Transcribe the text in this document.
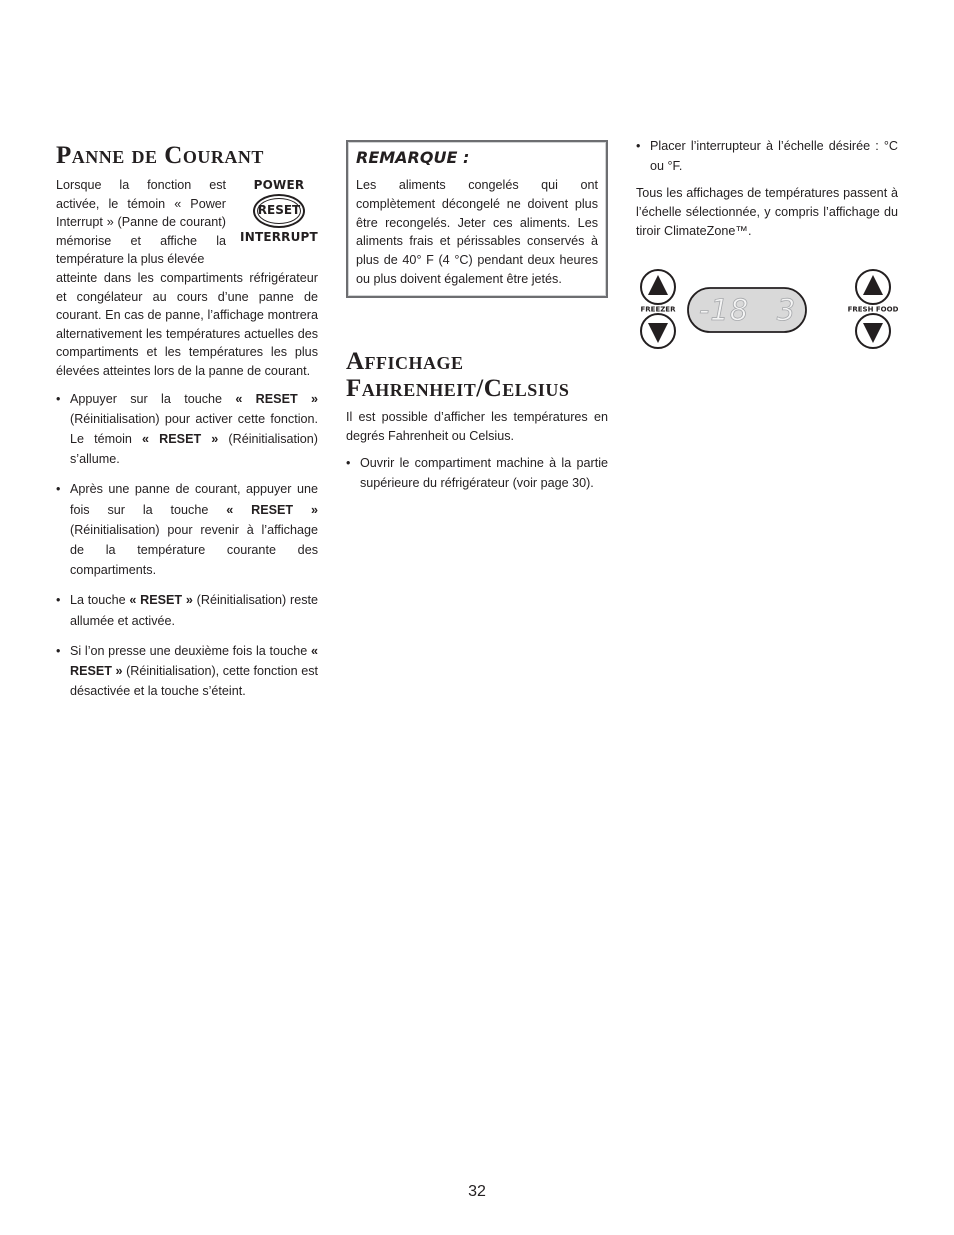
Panne de Courant
POWER
RESET
INTERRUPT

Lorsque la fonction est activée, le témoin « Power Interrupt » (Panne de courant) mémorise et affiche la température la plus élevée

atteinte dans les compartiments réfrigérateur et congélateur au cours d’une panne de courant. En cas de panne, l’affichage montrera alternativement les températures actuelles des compartiments et les températures les plus élevées atteintes lors de la panne de courant.

• Appuyer sur la touche « RESET » (Réinitialisation) pour activer cette fonction. Le témoin « RESET » (Réinitialisation) s’allume.
• Après une panne de courant, appuyer une fois sur la touche « RESET » (Réinitialisation) pour revenir à l’affichage de la température courante des compartiments.
• La touche « RESET » (Réinitialisation) reste allumée et activée.
• Si l’on presse une deuxième fois la touche « RESET » (Réinitialisation), cette fonction est désactivée et la touche s’éteint.
REMARQUE :

Les aliments congelés qui ont complètement décongelé ne doivent plus être recongelés. Jeter ces aliments. Les aliments frais et périssables conservés à plus de 40° F (4 °C) pendant deux heures ou plus doivent également être jetés.

Affichage
Fahrenheit/Celsius

Il est possible d’afficher les températures en degrés Fahrenheit ou Celsius.

• Ouvrir le compartiment machine à la partie supérieure du réfrigérateur (voir page 30).
• Placer l’interrupteur à l’échelle désirée : °C ou °F.

Tous les affichages de températures passent à l’échelle sélectionnée, y compris l’affichage du tiroir ClimateZone™.

FREEZER -18 3	FRESH FOOD
32
